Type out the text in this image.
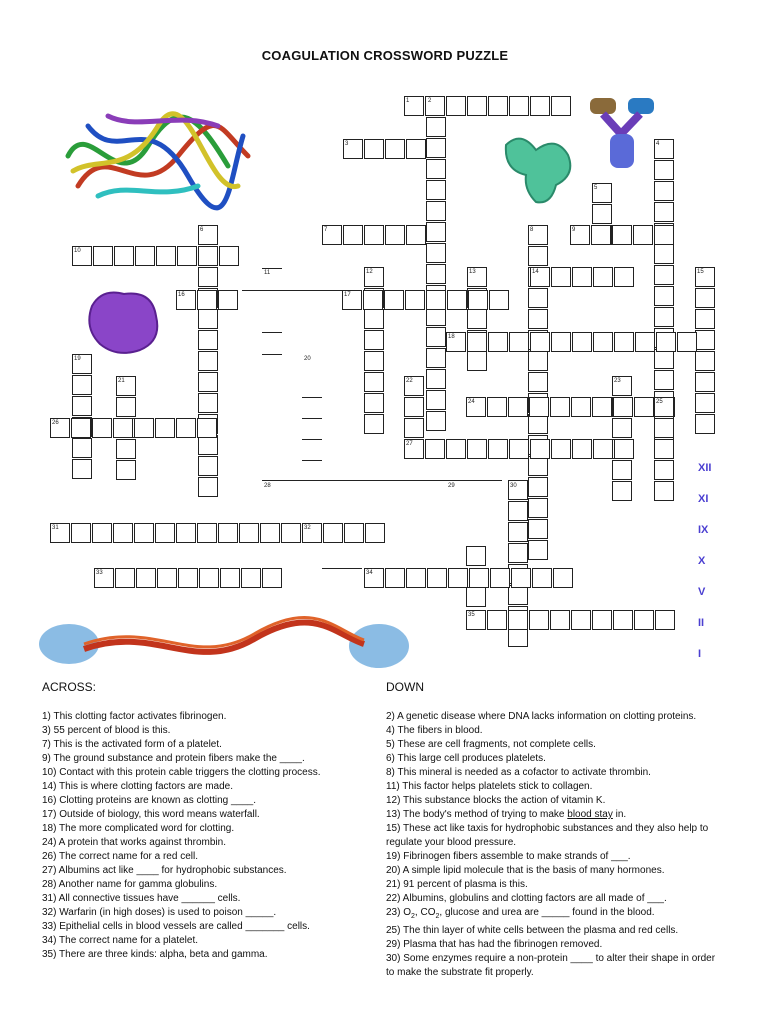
COAGULATION CROSSWORD PUZZLE
1	2
3	4
5
6	7	8	9
10
11	12	13	14	15
16	17
18
19	20
21	22	23
24	25
26
27
28	29	30
31	32
33	34
35
ACROSS:	DOWN
1) This clotting factor activates fibrinogen.
3) 55 percent of blood is this.
7) This is the activated form of a platelet.
9) The ground substance and protein fibers make the ____.
10) Contact with this protein cable triggers the clotting process.
14) This is where clotting factors are made.
16) Clotting proteins are known as clotting ____.
17) Outside of biology, this word means waterfall.
18) The more complicated word for clotting.
24) A protein that works against thrombin.
26) The correct name for a red cell.
27) Albumins act like ____ for hydrophobic substances.
28) Another name for gamma globulins.
31) All connective tissues have ______ cells.
32) Warfarin (in high doses) is used to poison _____.
33) Epithelial cells in blood vessels are called _______ cells.
34) The correct name for a platelet.
35) There are three kinds: alpha, beta and gamma.
2) A genetic disease where DNA lacks information on clotting proteins.
4) The fibers in blood.
5) These are cell fragments, not complete cells.
6) This large cell produces platelets.
8) This mineral is needed as a cofactor to activate thrombin.
11) This factor helps platelets stick to collagen.
12) This substance blocks the action of vitamin K.
13) The body's method of trying to make blood stay in.
15) These act like taxis for hydrophobic substances and they also help to regulate your blood pressure.
19) Fibrinogen fibers assemble to make strands of ___.
20) A simple lipid molecule that is the basis of many hormones.
21) 91 percent of plasma is this.
22) Albumins, globulins and clotting factors are all made of ___.
23) $O_2$, $CO_2$, glucose and urea are _____ found in the blood.
25) The thin layer of white cells between the plasma and red cells.
29) Plasma that has had the fibrinogen removed.
30) Some enzymes require a non-protein ____ to alter their shape in order to make the substrate fit properly.
XII
XI
IX
X
V
II
I
